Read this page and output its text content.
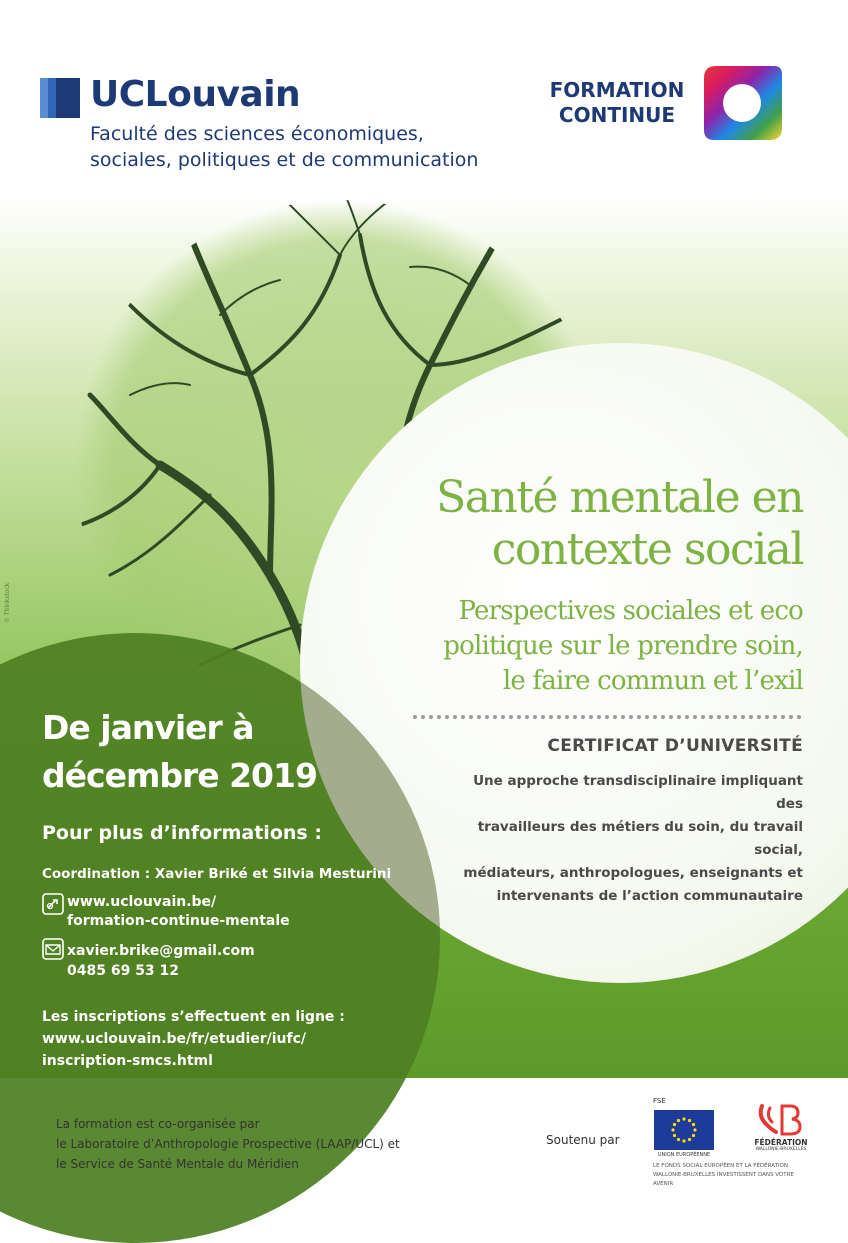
UCLouvain
Faculté des sciences économiques,
sociales, politiques et de communication
FORMATION
CONTINUE
© Thinkstock
Santé mentale en
contexte social
Perspectives sociales et eco
politique sur le prendre soin,
le faire commun et l’exil
CERTIFICAT D’UNIVERSITÉ
Une approche transdisciplinaire impliquant des
travailleurs des métiers du soin, du travail social,
médiateurs, anthropologues, enseignants et
intervenants de l’action communautaire
De janvier à
décembre 2019
Pour plus d’informations :
Coordination : Xavier Briké et Silvia Mesturini
www.uclouvain.be/
formation-continue-mentale
xavier.brike@gmail.com
0485 69 53 12
Les inscriptions s’effectuent en ligne :
www.uclouvain.be/fr/etudier/iufc/
inscription-smcs.html
La formation est co-organisée par
le Laboratoire d’Anthropologie Prospective (LAAP/UCL) et
le Service de Santé Mentale du Méridien
Soutenu par
FSE
UNION EUROPÉENNE
FÉDÉRATION
WALLONIE-BRUXELLES
LE FONDS SOCIAL EUROPÉEN ET LA FÉDÉRATION
WALLONIE-BRUXELLES INVESTISSENT DANS VOTRE AVENIR
